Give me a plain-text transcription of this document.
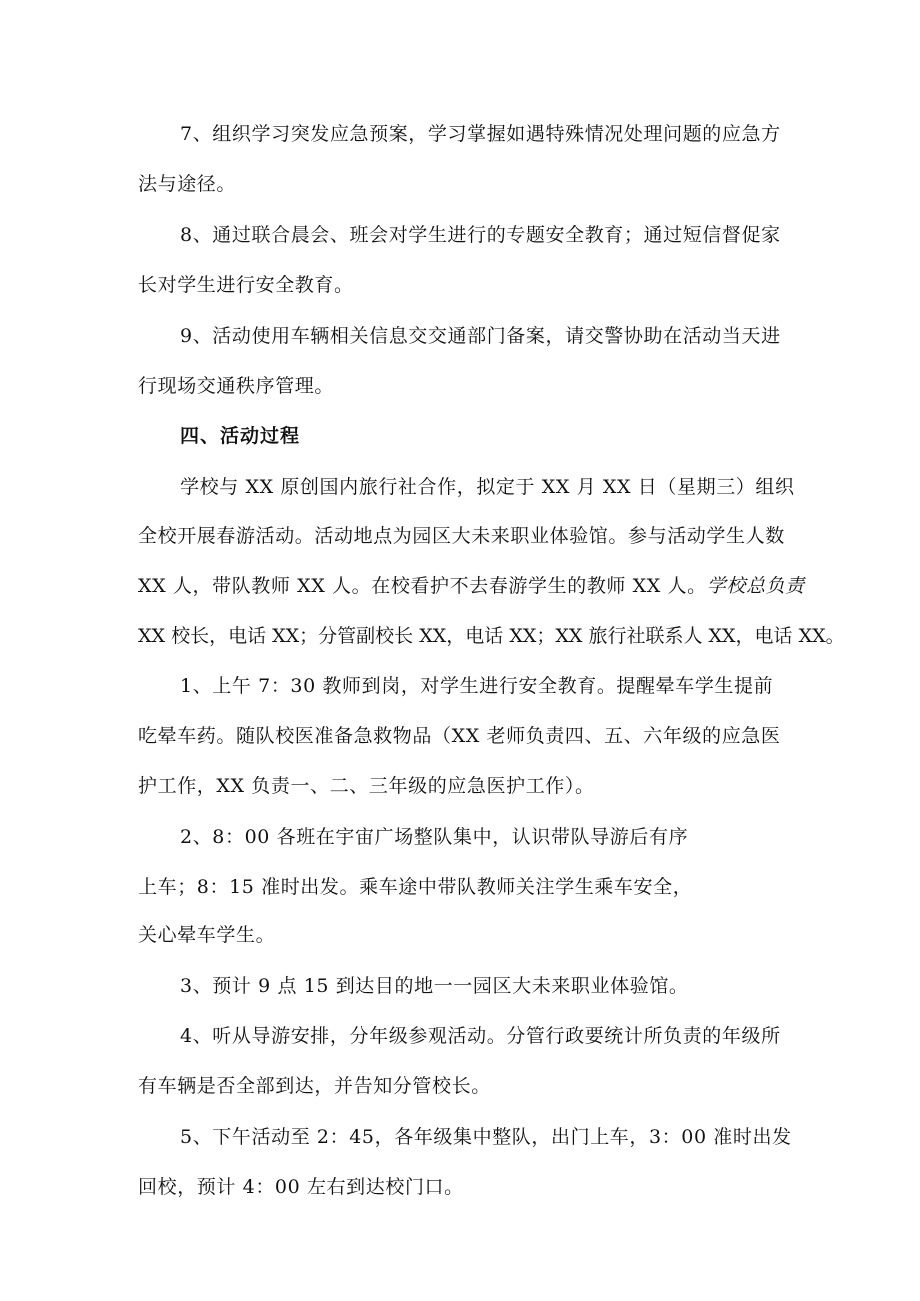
7、组织学习突发应急预案，学习掌握如遇特殊情况处理问题的应急方
法与途径。
8、通过联合晨会、班会对学生进行的专题安全教育；通过短信督促家
长对学生进行安全教育。
9、活动使用车辆相关信息交交通部门备案，请交警协助在活动当天进
行现场交通秩序管理。
四、活动过程
学校与 XX 原创国内旅行社合作，拟定于 XX 月 XX 日（星期三）组织
全校开展春游活动。活动地点为园区大未来职业体验馆。参与活动学生人数
XX 人，带队教师 XX 人。在校看护不去春游学生的教师 XX 人。学校总负责
XX 校长，电话 XX；分管副校长 XX，电话 XX；XX 旅行社联系人 XX，电话 XX。
1、上午 7：30 教师到岗，对学生进行安全教育。提醒晕车学生提前
吃晕车药。随队校医准备急救物品（XX 老师负责四、五、六年级的应急医
护工作，XX 负责一、二、三年级的应急医护工作）。
2、8：00 各班在宇宙广场整队集中，认识带队导游后有序
上车；8：15 准时出发。乘车途中带队教师关注学生乘车安全，
关心晕车学生。
3、预计 9 点 15 到达目的地一一园区大未来职业体验馆。
4、听从导游安排，分年级参观活动。分管行政要统计所负责的年级所
有车辆是否全部到达，并告知分管校长。
5、下午活动至 2：45，各年级集中整队，出门上车，3：00 准时出发
回校，预计 4：00 左右到达校门口。
